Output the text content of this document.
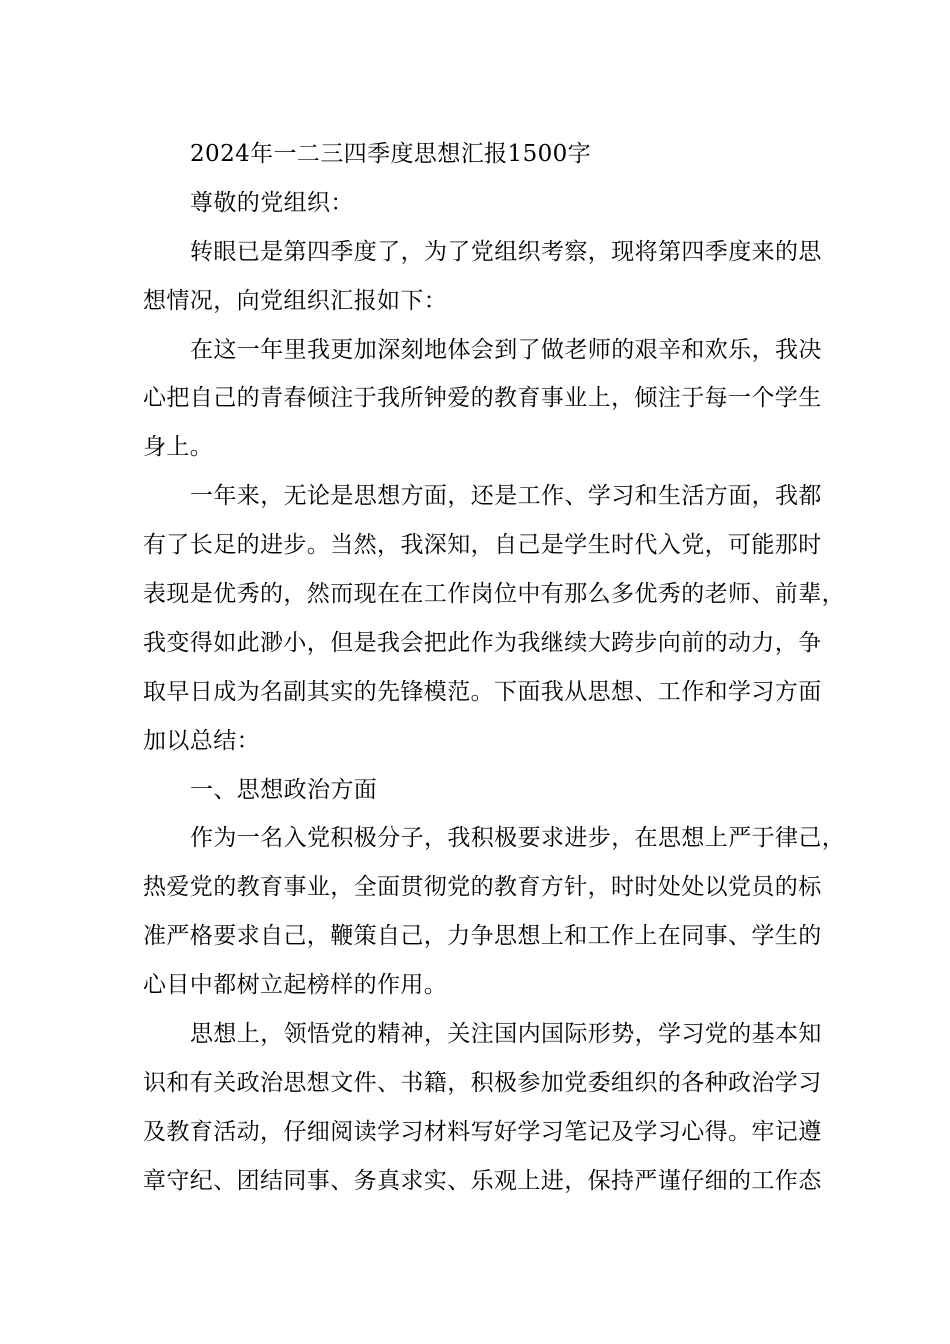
2024年一二三四季度思想汇报1500字
尊敬的党组织：
转眼已是第四季度了，为了党组织考察，现将第四季度来的思
想情况，向党组织汇报如下：
在这一年里我更加深刻地体会到了做老师的艰辛和欢乐，我决
心把自己的青春倾注于我所钟爱的教育事业上，倾注于每一个学生
身上。
一年来，无论是思想方面，还是工作、学习和生活方面，我都
有了长足的进步。当然，我深知，自己是学生时代入党，可能那时
表现是优秀的，然而现在在工作岗位中有那么多优秀的老师、前辈，
我变得如此渺小，但是我会把此作为我继续大跨步向前的动力，争
取早日成为名副其实的先锋模范。下面我从思想、工作和学习方面
加以总结：
一、思想政治方面
作为一名入党积极分子，我积极要求进步，在思想上严于律己，
热爱党的教育事业，全面贯彻党的教育方针，时时处处以党员的标
准严格要求自己，鞭策自己，力争思想上和工作上在同事、学生的
心目中都树立起榜样的作用。
思想上，领悟党的精神，关注国内国际形势，学习党的基本知
识和有关政治思想文件、书籍，积极参加党委组织的各种政治学习
及教育活动，仔细阅读学习材料写好学习笔记及学习心得。牢记遵
章守纪、团结同事、务真求实、乐观上进，保持严谨仔细的工作态
